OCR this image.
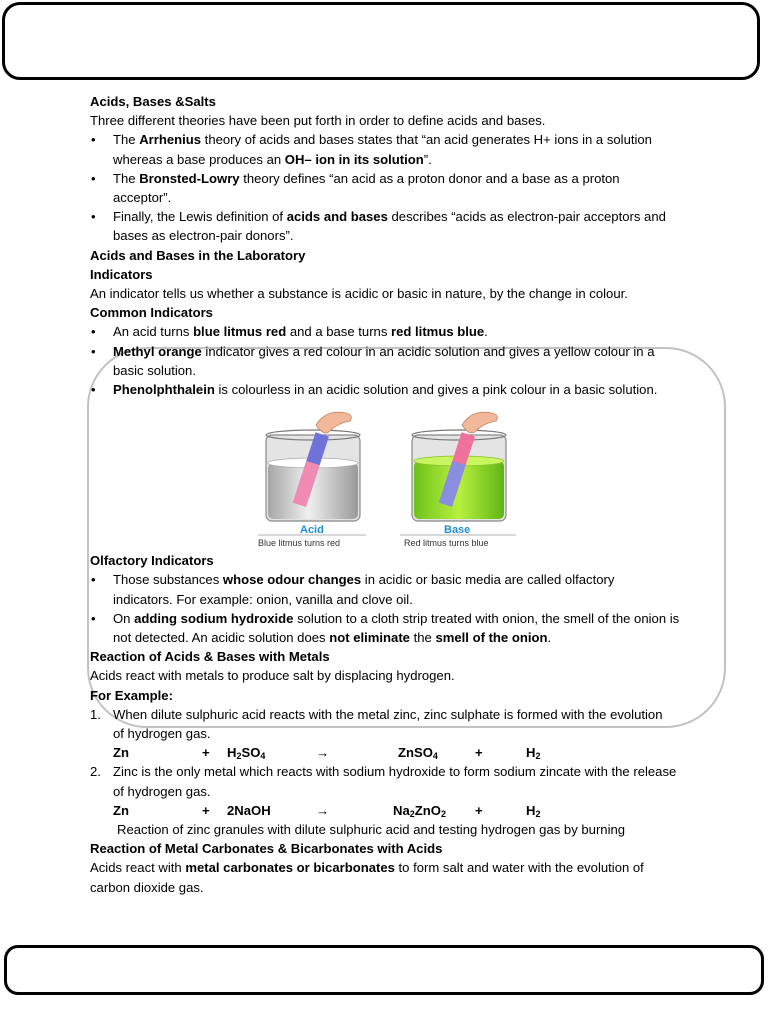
Acids, Bases &Salts

Three different theories have been put forth in order to define acids and bases.

• The Arrhenius theory of acids and bases states that “an acid generates H+ ions in a solution whereas a base produces an OH– ion in its solution”.
• The Bronsted-Lowry theory defines “an acid as a proton donor and a base as a proton acceptor”.
• Finally, the Lewis definition of acids and bases describes “acids as electron-pair acceptors and bases as electron-pair donors”.

Acids and Bases in the Laboratory

Indicators

An indicator tells us whether a substance is acidic or basic in nature, by the change in colour.

Common Indicators

• An acid turns blue litmus red and a base turns red litmus blue.
• Methyl orange indicator gives a red colour in an acidic solution and gives a yellow colour in a basic solution.
• Phenolphthalein is colourless in an acidic solution and gives a pink colour in a basic solution.
Acid
Blue litmus turns red
Base
Red litmus turns blue

Olfactory Indicators

• Those substances whose odour changes in acidic or basic media are called olfactory indicators. For example: onion, vanilla and clove oil.
• On adding sodium hydroxide solution to a cloth strip treated with onion, the smell of the onion is not detected. An acidic solution does not eliminate the smell of the onion.

Reaction of Acids & Bases with Metals

Acids react with metals to produce salt by displacing hydrogen.

For Example:

1. When dilute sulphuric acid reacts with the metal zinc, zinc sulphate is formed with the evolution of hydrogen gas.
Zn	+ $H_2SO_4$	→	ZnSO$_4$	+	$H_2$
2. Zinc is the only metal which reacts with sodium hydroxide to form sodium zincate with the release of hydrogen gas.
Zn	+ 2NaOH	→	$Na_2ZnO_2$ +	$H_2$

Reaction of zinc granules with dilute sulphuric acid and testing hydrogen gas by burning

Reaction of Metal Carbonates & Bicarbonates with Acids

Acids react with metal carbonates or bicarbonates to form salt and water with the evolution of carbon dioxide gas.
